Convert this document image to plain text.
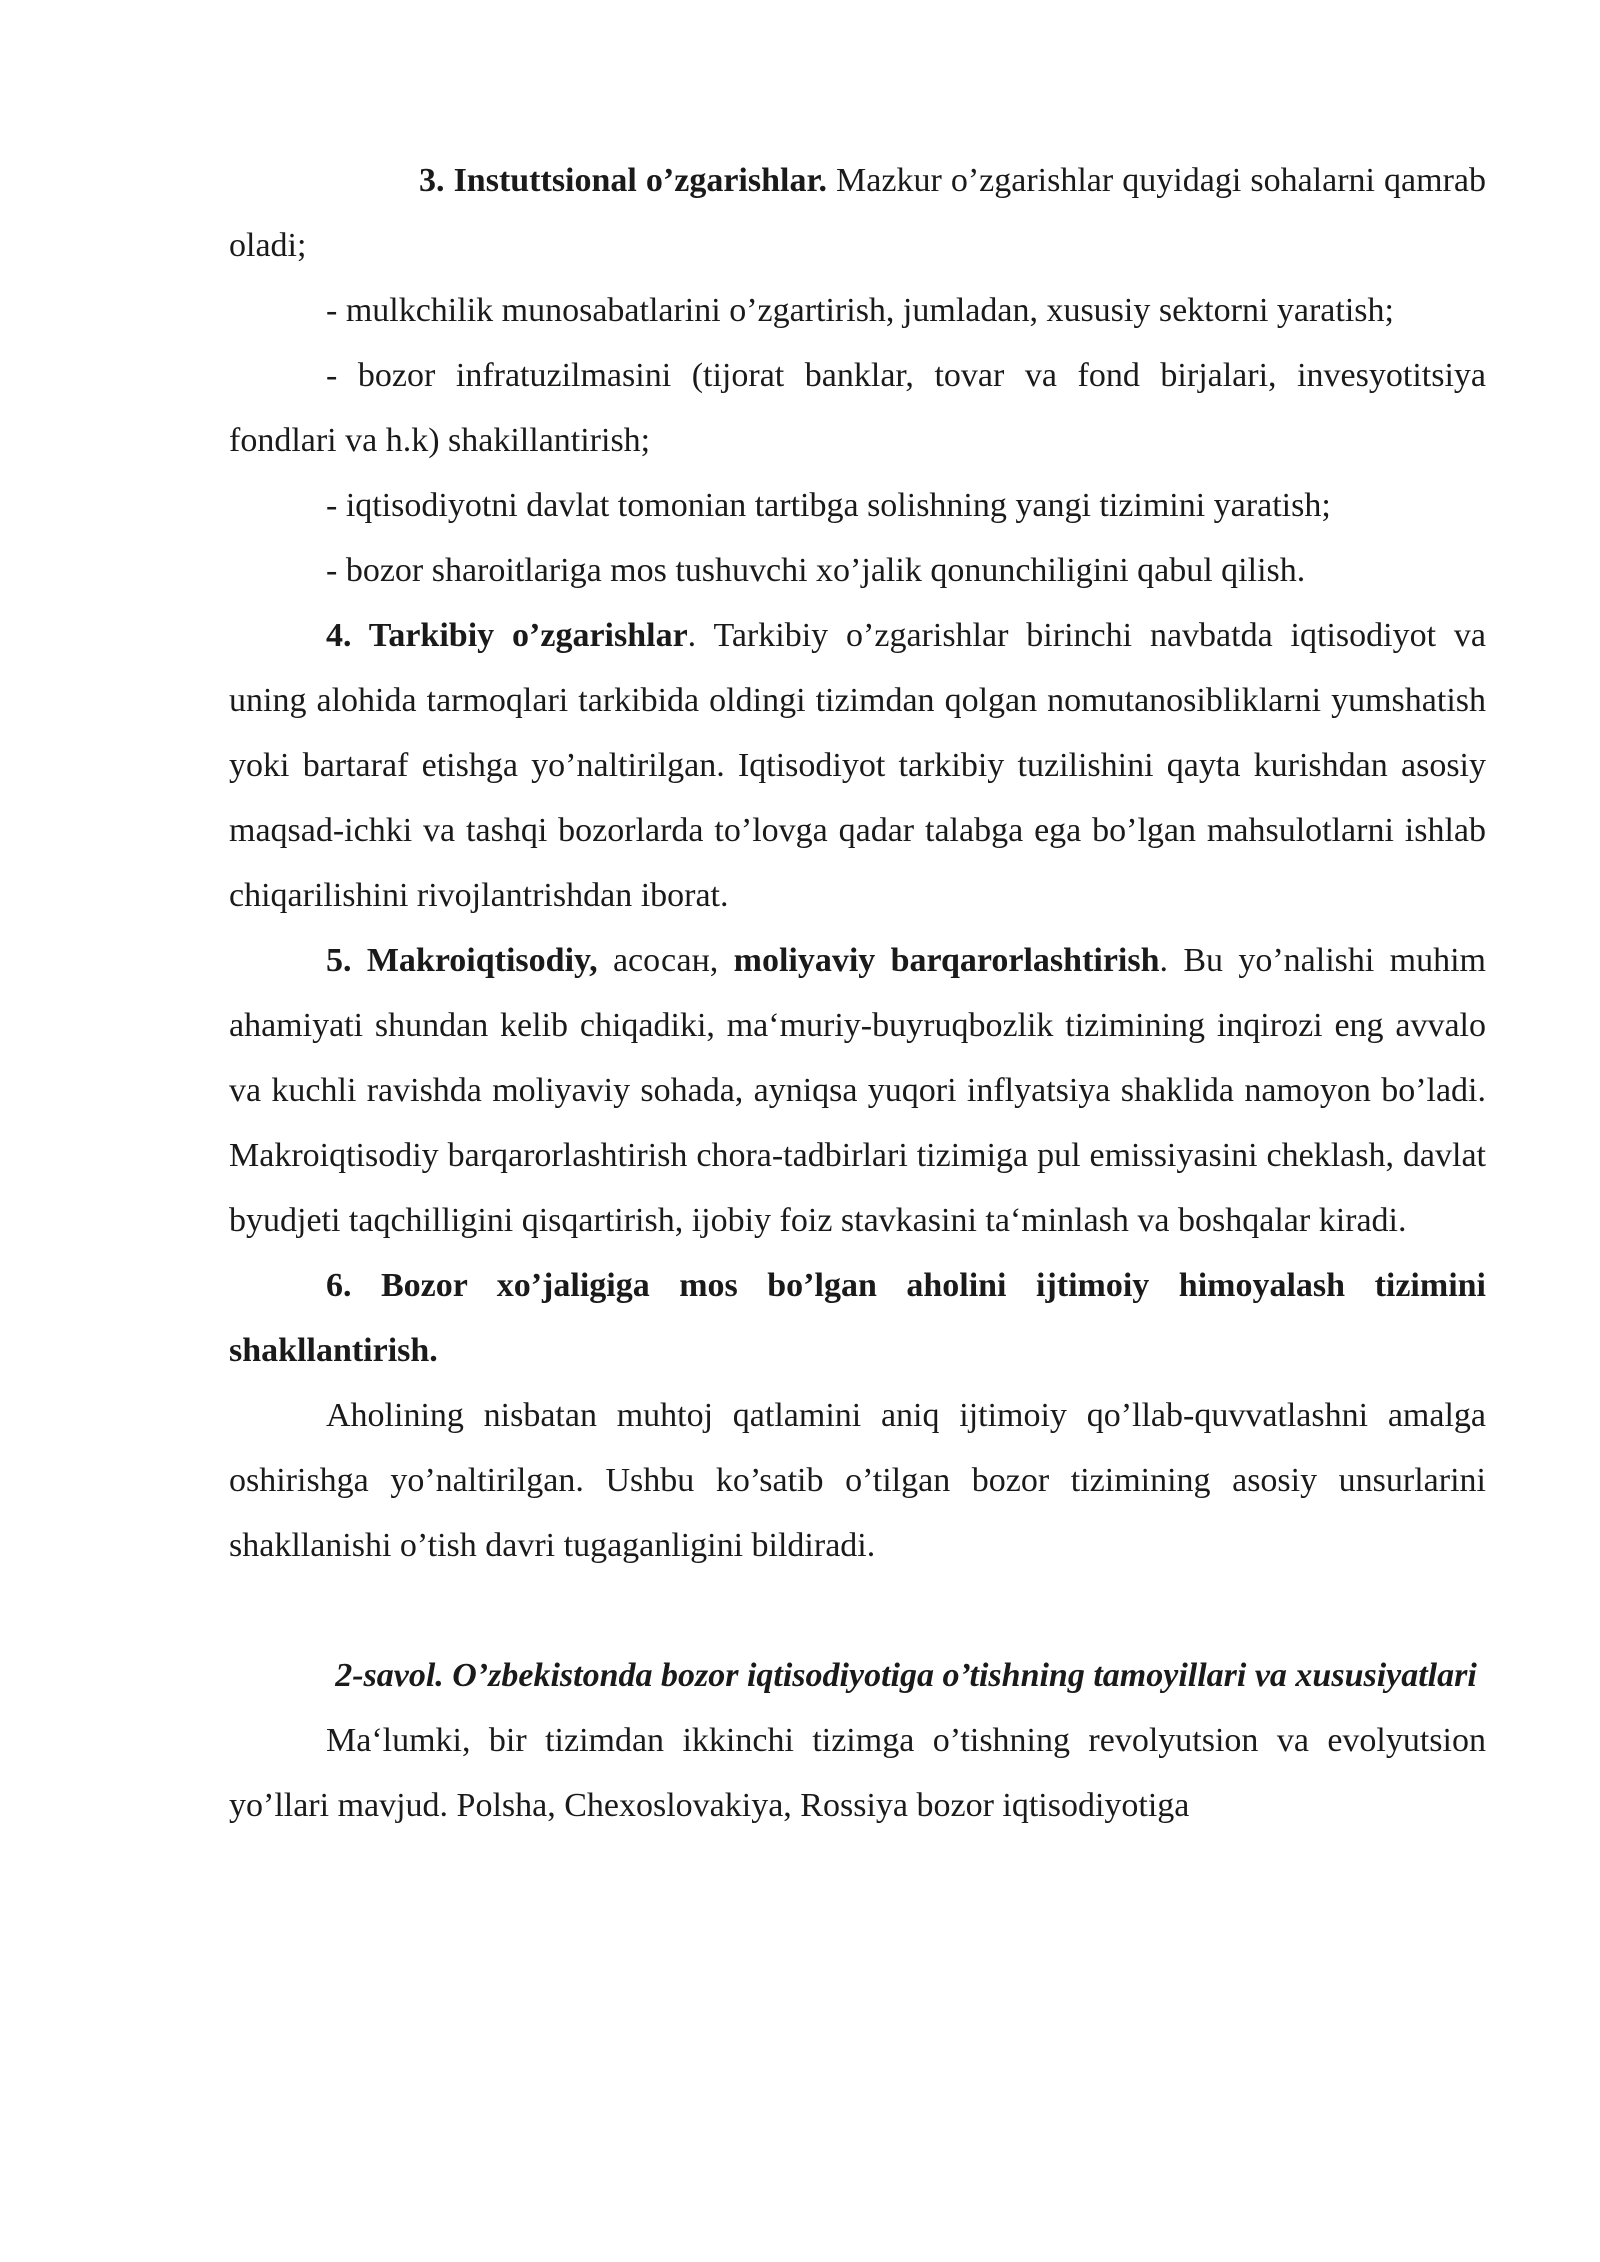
3. Instuttsional o’zgarishlar. Mazkur o’zgarishlar quyidagi sohalarni qamrab oladi;

- mulkchilik munosabatlarini o’zgartirish, jumladan, xususiy sektorni yaratish;

- bozor infratuzilmasini (tijorat banklar, tovar va fond birjalari, invesyotitsiya fondlari va h.k) shakillantirish;

- iqtisodiyotni davlat tomonian tartibga solishning yangi tizimini yaratish;

- bozor sharoitlariga mos tushuvchi xo’jalik qonunchiligini qabul qilish.

4. Tarkibiy o’zgarishlar. Tarkibiy o’zgarishlar birinchi navbatda iqtisodiyot va uning alohida tarmoqlari tarkibida oldingi tizimdan qolgan nomutanosibliklarni yumshatish yoki bartaraf etishga yo’naltirilgan. Iqtisodiyot tarkibiy tuzilishini qayta kurishdan asosiy maqsad-ichki va tashqi bozorlarda to’lovga qadar talabga ega bo’lgan mahsulotlarni ishlab chiqarilishini rivojlantrishdan iborat.

5. Makroiqtisodiy, асосан, moliyaviy barqarorlashtirish. Bu yo’nalishi muhim ahamiyati shundan kelib chiqadiki, ma‘muriy-buyruqbozlik tizimining inqirozi eng avvalo va kuchli ravishda moliyaviy sohada, ayniqsa yuqori inflyatsiya shaklida namoyon bo’ladi. Makroiqtisodiy barqarorlashtirish chora-tadbirlari tizimiga pul emissiyasini cheklash, davlat byudjeti taqchilligini qisqartirish, ijobiy foiz stavkasini ta‘minlash va boshqalar kiradi.

6. Bozor xo’jaligiga mos bo’lgan aholini ijtimoiy himoyalash tizimini shakllantirish.

Aholining nisbatan muhtoj qatlamini aniq ijtimoiy qo’llab-quvvatlashni amalga oshirishga yo’naltirilgan. Ushbu ko’satib o’tilgan bozor tizimining asosiy unsurlarini shakllanishi o’tish davri tugaganligini bildiradi.

2-savol. O’zbekistonda bozor iqtisodiyotiga o’tishning tamoyillari va xususiyatlari

Ma‘lumki, bir tizimdan ikkinchi tizimga o’tishning revolyutsion va evolyutsion yo’llari mavjud. Polsha, Chexoslovakiya, Rossiya bozor iqtisodiyotiga
